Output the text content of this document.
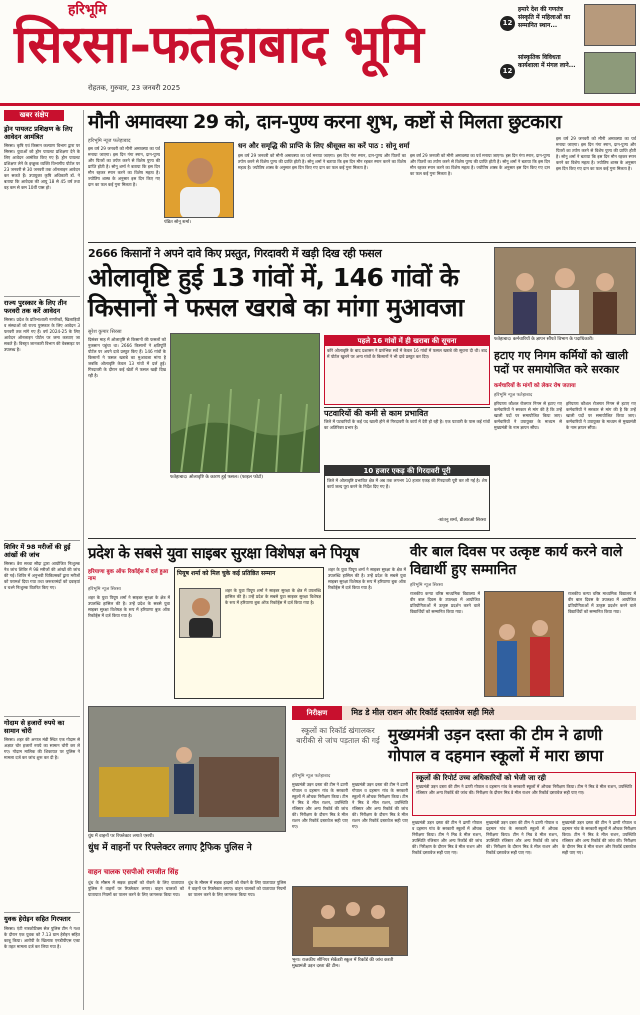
हरिभूमि
सिरसा-फतेहाबाद भूमि
रोहतक, गुरुवार, 23 जनवरी 2025
12
हमारे देश की गणतंत्र संस्कृति में महिलाओं का सम्मानित स्थान...
12
सांस्कृतिक विविधता कार्यशाला में मंगल लाने...
खबर संक्षेप
ड्रोन पायलट प्रशिक्षण के लिए आवेदन आमंत्रित
सिरसा। कृषि एवं किसान कल्याण विभाग द्वारा पर सिरसा। युवाओं को ड्रोन पायलट प्रशिक्षण देने के लिए आवेदन आमंत्रित किए गए हैं। ड्रोन पायलट प्रशिक्षण लेने के इच्छुक व्यक्ति विभागीय पोर्टल पर 23 जनवरी से 30 जनवरी तक ऑनलाइन आवेदन कर सकते हैं। उपायुक्त कृषि अधिकारी डॉ. ने बताया कि आवेदक की आयु 18 से 45 वर्ष तथा वह कम से कम 10वीं पास हो।
राज्य पुरस्कार के लिए तीन फरवरी तक करें आवेदन
सिरसा। प्रदेश के प्रतिभाशाली नागरिकों, खिलाड़ियों व संस्थाओं को राज्य पुरस्कार के लिए आवेदन 3 फरवरी तक मांगे गए हैं। वर्ष 2024-25 के लिए आवेदन ऑनलाइन पोर्टल पर जमा करवाए जा सकते हैं। विस्तृत जानकारी विभाग की वेबसाइट पर उपलब्ध है।
शिविर में 98 मरीजों की हुई आंखों की जांच
सिरसा। डेरा सच्चा सौदा द्वारा आयोजित निःशुल्क नेत्र जांच शिविर में 98 मरीजों की आंखों की जांच की गई। शिविर में अनुभवी चिकित्सकों द्वारा मरीजों को परामर्श दिया गया तथा जरूरतमंदों को दवाइयां व चश्मे निःशुल्क वितरित किए गए।
गोदाम से हजारों रुपये का सामान चोरी
सिरसा। शहर की अनाज मंडी स्थित एक गोदाम से अज्ञात चोर हजारों रुपये का सामान चोरी कर ले गए। गोदाम मालिक की शिकायत पर पुलिस ने मामला दर्ज कर जांच शुरू कर दी है।
युवक हेरोइन सहित गिरफ्तार
सिरसा। एंटी नारकोटिक्स सेल पुलिस टीम ने गश्त के दौरान एक युवक को 7.13 ग्राम हेरोइन सहित काबू किया। आरोपी के खिलाफ एनडीपीएस एक्ट के तहत मामला दर्ज कर लिया गया है।
मौनी अमावस्या 29 को, दान-पुण्य करना शुभ, कष्टों से मिलता छुटकारा
हरिभूमि न्यूज फतेहाबाद
इस वर्ष 29 जनवरी को मौनी अमावस्या का पर्व मनाया जाएगा। इस दिन गंगा स्नान, दान-पुण्य और पितरों का तर्पण करने से विशेष पुण्य की प्राप्ति होती है। सोनू शर्मा ने बताया कि इस दिन मौन रहकर स्नान करने का विशेष महत्व है। ज्योतिष शास्त्र के अनुसार इस दिन किए गए दान का फल कई गुना मिलता है।
पंडित सोनू शर्मा।
धन और समृद्धि की प्राप्ति के लिए श्रीसूक्त का करें पाठ : सोनू शर्मा
इस वर्ष 29 जनवरी को मौनी अमावस्या का पर्व मनाया जाएगा। इस दिन गंगा स्नान, दान-पुण्य और पितरों का तर्पण करने से विशेष पुण्य की प्राप्ति होती है। सोनू शर्मा ने बताया कि इस दिन मौन रहकर स्नान करने का विशेष महत्व है। ज्योतिष शास्त्र के अनुसार इस दिन किए गए दान का फल कई गुना मिलता है।
इस वर्ष 29 जनवरी को मौनी अमावस्या का पर्व मनाया जाएगा। इस दिन गंगा स्नान, दान-पुण्य और पितरों का तर्पण करने से विशेष पुण्य की प्राप्ति होती है। सोनू शर्मा ने बताया कि इस दिन मौन रहकर स्नान करने का विशेष महत्व है। ज्योतिष शास्त्र के अनुसार इस दिन किए गए दान का फल कई गुना मिलता है।
इस वर्ष 29 जनवरी को मौनी अमावस्या का पर्व मनाया जाएगा। इस दिन गंगा स्नान, दान-पुण्य और पितरों का तर्पण करने से विशेष पुण्य की प्राप्ति होती है। सोनू शर्मा ने बताया कि इस दिन मौन रहकर स्नान करने का विशेष महत्व है। ज्योतिष शास्त्र के अनुसार इस दिन किए गए दान का फल कई गुना मिलता है।
2666 किसानों ने अपने दावे किए प्रस्तुत, गिरदावरी में खड़ी दिख रही फसल
ओलावृष्टि हुई 13 गांवों में, 146 गांवों के किसानों ने फसल खराबे का मांगा मुआवजा
सुरेश कुमार सिरसा
दिसंबर माह में ओलावृष्टि से किसानों की फसलों को नुकसान पहुंचा था। 2666 किसानों ने क्षतिपूर्ति पोर्टल पर अपने दावे प्रस्तुत किए हैं। 146 गांवों के किसानों ने फसल खराबे का मुआवजा मांगा है जबकि ओलावृष्टि केवल 13 गांवों में दर्ज हुई। गिरदावरी के दौरान कई खेतों में फसल खड़ी दिख रही है।
फतेहाबाद। ओलावृष्टि के कारण हुई फसल। (फाइल फोटो)
पहले 16 गांवों में ही खराबा की सूचना
कोरे ओलावृष्टि के बाद प्रशासन ने प्रारंभिक सर्वे में केवल 16 गांवों में फसल खराबे की सूचना दी थी। बाद में पोर्टल खुलने पर अन्य गांवों के किसानों ने भी दावे प्रस्तुत कर दिए।
पटवारियों की कमी से काम प्रभावित
जिले में पटवारियों के कई पद खाली होने से गिरदावरी के कार्य में देरी हो रही है। एक पटवारी के पास कई गांवों का अतिरिक्त प्रभार है।
10 हजार एकड़ की गिरदावरी पूरी
जिले में ओलावृष्टि प्रभावित क्षेत्र में अब तक लगभग 10 हजार एकड़ की गिरदावरी पूरी कर ली गई है। शेष कार्य जल्द पूरा करने के निर्देश दिए गए हैं।
-शांतनु शर्मा, डीआरओ सिरसा
फतेहाबाद। कर्मचारियों के ज्ञापन सौंपते विभाग के पदाधिकारी।
हटाए गए निगम कर्मियों को खाली पदों पर समायोजित करे सरकार
कर्मचारियों के मांगों को लेकर रोष जताया
हरिभूमि न्यूज फतेहाबाद
हरियाणा कौशल रोजगार निगम से हटाए गए कर्मचारियों ने सरकार से मांग की है कि उन्हें खाली पदों पर समायोजित किया जाए। कर्मचारियों ने उपायुक्त के माध्यम से मुख्यमंत्री के नाम ज्ञापन सौंपा।
हरियाणा कौशल रोजगार निगम से हटाए गए कर्मचारियों ने सरकार से मांग की है कि उन्हें खाली पदों पर समायोजित किया जाए। कर्मचारियों ने उपायुक्त के माध्यम से मुख्यमंत्री के नाम ज्ञापन सौंपा।
प्रदेश के सबसे युवा साइबर सुरक्षा विशेषज्ञ बने पियूष
हरियाणा बुक ऑफ रिकॉर्ड्स में दर्ज हुआ नाम
हरिभूमि न्यूज सिरसा
शहर के युवा पियूष शर्मा ने साइबर सुरक्षा के क्षेत्र में उपलब्धि हासिल की है। उन्हें प्रदेश के सबसे युवा साइबर सुरक्षा विशेषज्ञ के रूप में हरियाणा बुक ऑफ रिकॉर्ड्स में दर्ज किया गया है।
पियूष शर्मा को मिल चुके कई प्रतिष्ठित सम्मान
शहर के युवा पियूष शर्मा ने साइबर सुरक्षा के क्षेत्र में उपलब्धि हासिल की है। उन्हें प्रदेश के सबसे युवा साइबर सुरक्षा विशेषज्ञ के रूप में हरियाणा बुक ऑफ रिकॉर्ड्स में दर्ज किया गया है।
शहर के युवा पियूष शर्मा ने साइबर सुरक्षा के क्षेत्र में उपलब्धि हासिल की है। उन्हें प्रदेश के सबसे युवा साइबर सुरक्षा विशेषज्ञ के रूप में हरियाणा बुक ऑफ रिकॉर्ड्स में दर्ज किया गया है।
वीर बाल दिवस पर उत्कृष्ट कार्य करने वाले विद्यार्थी हुए सम्मानित
हरिभूमि न्यूज सिरसा
राजकीय कन्या वरिष्ठ माध्यमिक विद्यालय में वीर बाल दिवस के उपलक्ष्य में आयोजित प्रतियोगिताओं में उत्कृष्ट प्रदर्शन करने वाले विद्यार्थियों को सम्मानित किया गया।
राजकीय कन्या वरिष्ठ माध्यमिक विद्यालय में वीर बाल दिवस के उपलक्ष्य में आयोजित प्रतियोगिताओं में उत्कृष्ट प्रदर्शन करने वाले विद्यार्थियों को सम्मानित किया गया।
धुंध में वाहनों पर रिफ्लेक्टर लगाते एसपी।
धुंध में वाहनों पर रिफ्लेक्टर लगाए ट्रैफिक पुलिस ने
वाहन चालक एसपीओ रणजीत सिंह
धुंध के मौसम में सड़क हादसों को रोकने के लिए यातायात पुलिस ने वाहनों पर रिफ्लेक्टर लगाए। वाहन चालकों को यातायात नियमों का पालन करने के लिए जागरूक किया गया।
धुंध के मौसम में सड़क हादसों को रोकने के लिए यातायात पुलिस ने वाहनों पर रिफ्लेक्टर लगाए। वाहन चालकों को यातायात नियमों का पालन करने के लिए जागरूक किया गया।
निरीक्षण	मिड डे मील राशन और रिकॉर्ड दस्तावेज सही मिले
स्कूलों का रिकॉर्ड खंगालकर बारीकी से जांच पड़ताल की गई मुख्यमंत्री उड़न दस्ता की टीम ने ढाणी गोपाल व दहमान स्कूलों में मारा छापा
हरिभूमि न्यूज फतेहाबाद
मुख्यमंत्री उड़न दस्ता की टीम ने ढाणी गोपाल व दहमान गांव के सरकारी स्कूलों में औचक निरीक्षण किया। टीम ने मिड डे मील राशन, उपस्थिति रजिस्टर और अन्य रिकॉर्ड की जांच की। निरीक्षण के दौरान मिड डे मील राशन और रिकॉर्ड दस्तावेज सही पाए गए।
मुख्यमंत्री उड़न दस्ता की टीम ने ढाणी गोपाल व दहमान गांव के सरकारी स्कूलों में औचक निरीक्षण किया। टीम ने मिड डे मील राशन, उपस्थिति रजिस्टर और अन्य रिकॉर्ड की जांच की। निरीक्षण के दौरान मिड डे मील राशन और रिकॉर्ड दस्तावेज सही पाए गए।
स्कूलों की रिपोर्ट उच्च अधिकारियों को भेजी जा रही
मुख्यमंत्री उड़न दस्ता की टीम ने ढाणी गोपाल व दहमान गांव के सरकारी स्कूलों में औचक निरीक्षण किया। टीम ने मिड डे मील राशन, उपस्थिति रजिस्टर और अन्य रिकॉर्ड की जांच की। निरीक्षण के दौरान मिड डे मील राशन और रिकॉर्ड दस्तावेज सही पाए गए।
भूना। राजकीय सीनियर सेकेंडरी स्कूल में रिकॉर्ड की जांच करती मुख्यमंत्री उड़न दस्ता की टीम।
मुख्यमंत्री उड़न दस्ता की टीम ने ढाणी गोपाल व दहमान गांव के सरकारी स्कूलों में औचक निरीक्षण किया। टीम ने मिड डे मील राशन, उपस्थिति रजिस्टर और अन्य रिकॉर्ड की जांच की। निरीक्षण के दौरान मिड डे मील राशन और रिकॉर्ड दस्तावेज सही पाए गए।
मुख्यमंत्री उड़न दस्ता की टीम ने ढाणी गोपाल व दहमान गांव के सरकारी स्कूलों में औचक निरीक्षण किया। टीम ने मिड डे मील राशन, उपस्थिति रजिस्टर और अन्य रिकॉर्ड की जांच की। निरीक्षण के दौरान मिड डे मील राशन और रिकॉर्ड दस्तावेज सही पाए गए।
मुख्यमंत्री उड़न दस्ता की टीम ने ढाणी गोपाल व दहमान गांव के सरकारी स्कूलों में औचक निरीक्षण किया। टीम ने मिड डे मील राशन, उपस्थिति रजिस्टर और अन्य रिकॉर्ड की जांच की। निरीक्षण के दौरान मिड डे मील राशन और रिकॉर्ड दस्तावेज सही पाए गए।
